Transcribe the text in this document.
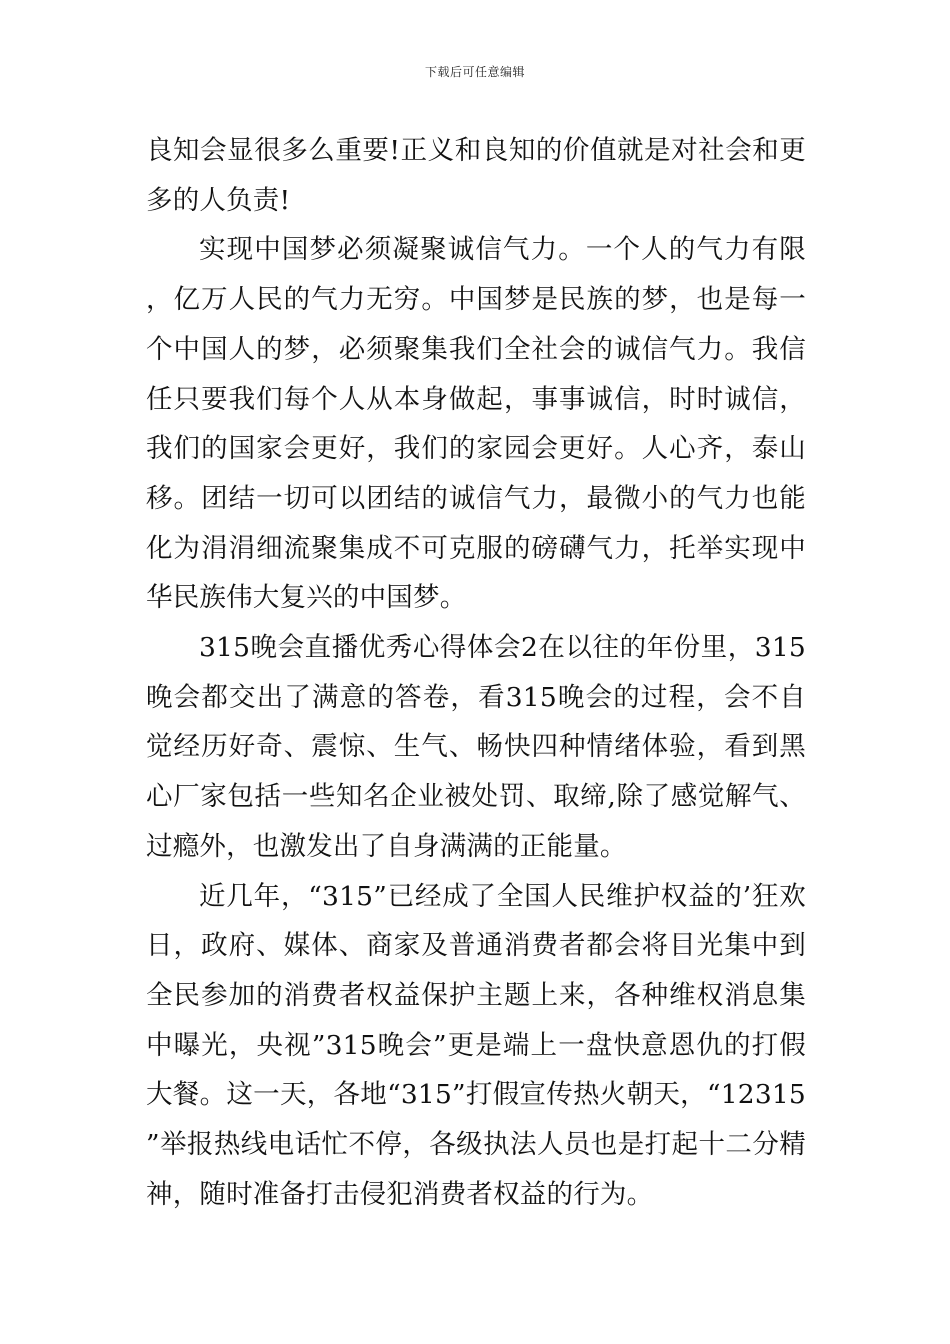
下载后可任意编辑

良知会显很多么重要!正义和良知的价值就是对社会和更多的人负责!

实现中国梦必须凝聚诚信气力。一个人的气力有限，亿万人民的气力无穷。中国梦是民族的梦，也是每一个中国人的梦，必须聚集我们全社会的诚信气力。我信任只要我们每个人从本身做起，事事诚信，时时诚信，我们的国家会更好，我们的家园会更好。人心齐，泰山移。团结一切可以团结的诚信气力，最微小的气力也能化为涓涓细流聚集成不可克服的磅礴气力，托举实现中华民族伟大复兴的中国梦。

315晚会直播优秀心得体会2在以往的年份里，315晚会都交出了满意的答卷，看315晚会的过程，会不自觉经历好奇、震惊、生气、畅快四种情绪体验，看到黑心厂家包括一些知名企业被处罚、取缔,除了感觉解气、过瘾外，也激发出了自身满满的正能量。

近几年，“315”已经成了全国人民维护权益的’狂欢日，政府、媒体、商家及普通消费者都会将目光集中到全民参加的消费者权益保护主题上来，各种维权消息集中曝光，央视”315晚会”更是端上一盘快意恩仇的打假大餐。这一天，各地“315”打假宣传热火朝天，“12315”举报热线电话忙不停，各级执法人员也是打起十二分精神，随时准备打击侵犯消费者权益的行为。
